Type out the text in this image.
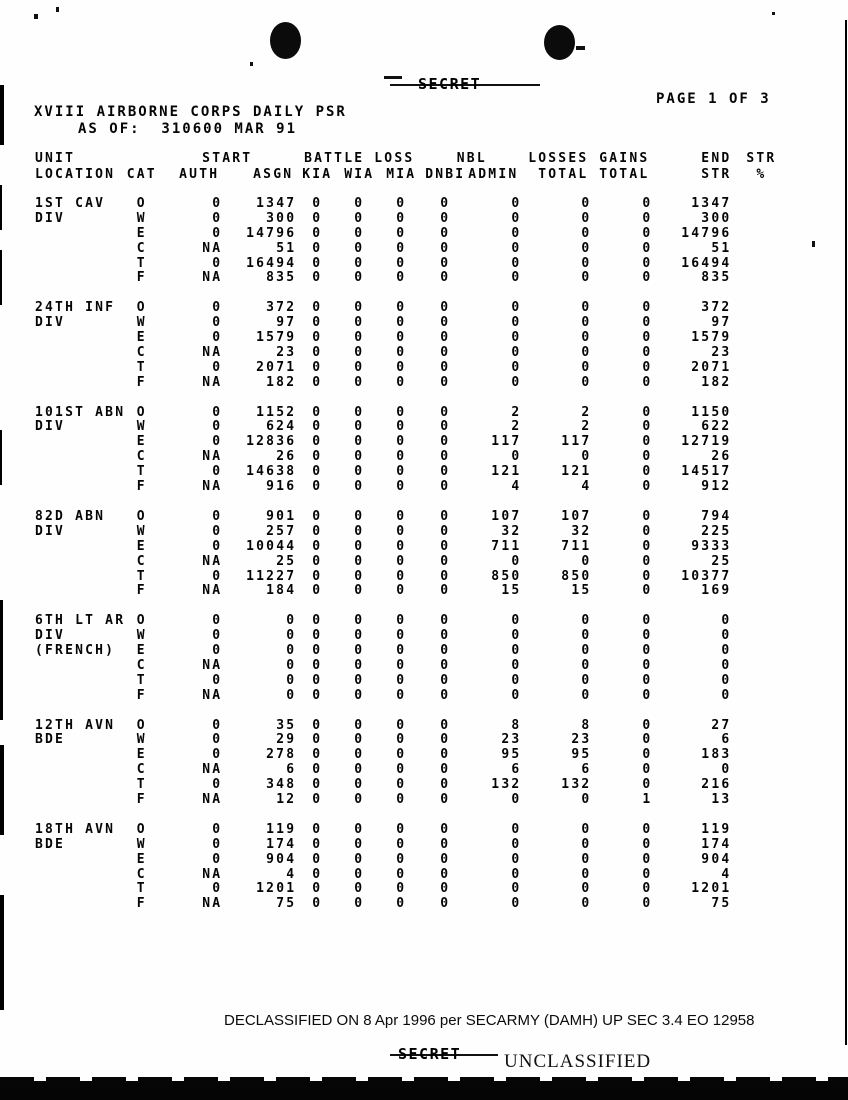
SECRET
PAGE 1 OF 3
XVIII AIRBORNE CORPS DAILY PSR
AS OF:  310600 MAR 91
UNIT		START		BATTLE LOSS			NBL		LOSSES	GAINS	END	STR
LOCATION	CAT	AUTH	ASGN	KIA	WIA	MIA	DNBI	ADMIN	TOTAL	TOTAL	STR	%

1ST CAV	O	0	1347	0	0	0	0	0	0	0	1347	
DIV	W	0	300	0	0	0	0	0	0	0	300	
	E	0	14796	0	0	0	0	0	0	0	14796	
	C	NA	51	0	0	0	0	0	0	0	51	
	T	0	16494	0	0	0	0	0	0	0	16494	
	F	NA	835	0	0	0	0	0	0	0	835	

24TH INF	O	0	372	0	0	0	0	0	0	0	372	
DIV	W	0	97	0	0	0	0	0	0	0	97	
	E	0	1579	0	0	0	0	0	0	0	1579	
	C	NA	23	0	0	0	0	0	0	0	23	
	T	0	2071	0	0	0	0	0	0	0	2071	
	F	NA	182	0	0	0	0	0	0	0	182	

101ST ABN	O	0	1152	0	0	0	0	2	2	0	1150	
DIV	W	0	624	0	0	0	0	2	2	0	622	
	E	0	12836	0	0	0	0	117	117	0	12719	
	C	NA	26	0	0	0	0	0	0	0	26	
	T	0	14638	0	0	0	0	121	121	0	14517	
	F	NA	916	0	0	0	0	4	4	0	912	

82D ABN	O	0	901	0	0	0	0	107	107	0	794	
DIV	W	0	257	0	0	0	0	32	32	0	225	
	E	0	10044	0	0	0	0	711	711	0	9333	
	C	NA	25	0	0	0	0	0	0	0	25	
	T	0	11227	0	0	0	0	850	850	0	10377	
	F	NA	184	0	0	0	0	15	15	0	169	

6TH LT AR	O	0	0	0	0	0	0	0	0	0	0	
DIV	W	0	0	0	0	0	0	0	0	0	0	
(FRENCH)	E	0	0	0	0	0	0	0	0	0	0	
	C	NA	0	0	0	0	0	0	0	0	0	
	T	0	0	0	0	0	0	0	0	0	0	
	F	NA	0	0	0	0	0	0	0	0	0	

12TH AVN	O	0	35	0	0	0	0	8	8	0	27	
BDE	W	0	29	0	0	0	0	23	23	0	6	
	E	0	278	0	0	0	0	95	95	0	183	
	C	NA	6	0	0	0	0	6	6	0	0	
	T	0	348	0	0	0	0	132	132	0	216	
	F	NA	12	0	0	0	0	0	0	1	13	

18TH AVN	O	0	119	0	0	0	0	0	0	0	119	
BDE	W	0	174	0	0	0	0	0	0	0	174	
	E	0	904	0	0	0	0	0	0	0	904	
	C	NA	4	0	0	0	0	0	0	0	4	
	T	0	1201	0	0	0	0	0	0	0	1201	
	F	NA	75	0	0	0	0	0	0	0	75	
DECLASSIFIED ON 8 Apr 1996 per SECARMY (DAMH) UP SEC 3.4 EO 12958
SECRET UNCLASSIFIED
